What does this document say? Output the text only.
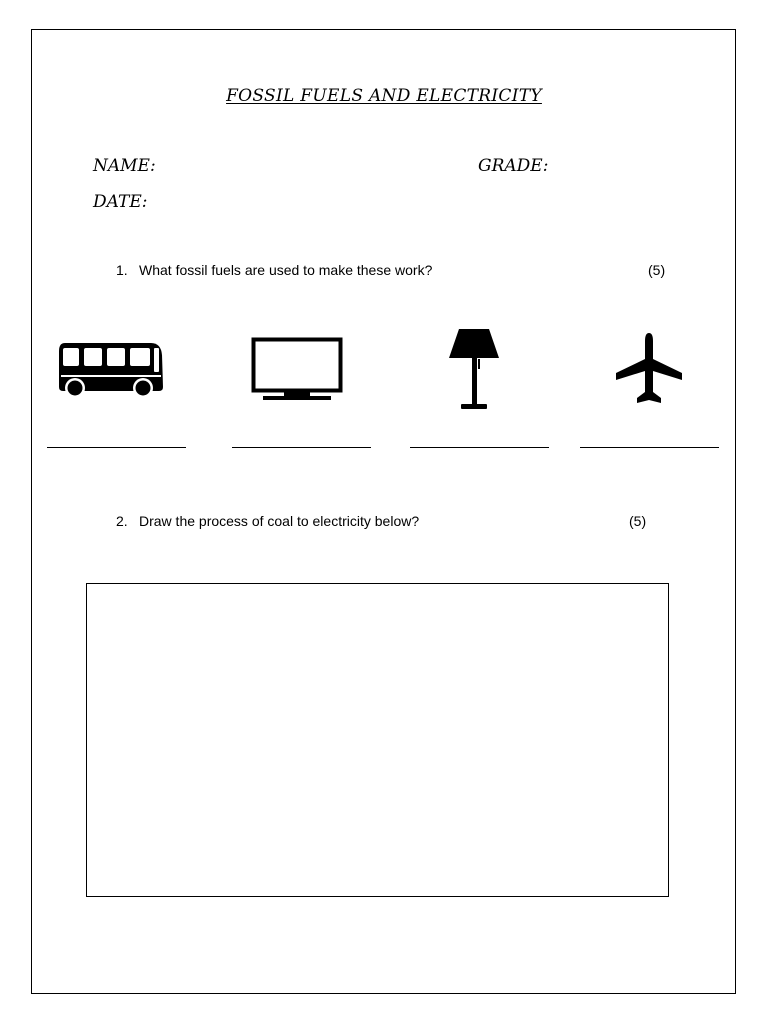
FOSSIL FUELS AND ELECTRICITY
NAME:	GRADE:
DATE:
1. What fossil fuels are used to make these work?	(5)
2. Draw the process of coal to electricity below?	(5)
